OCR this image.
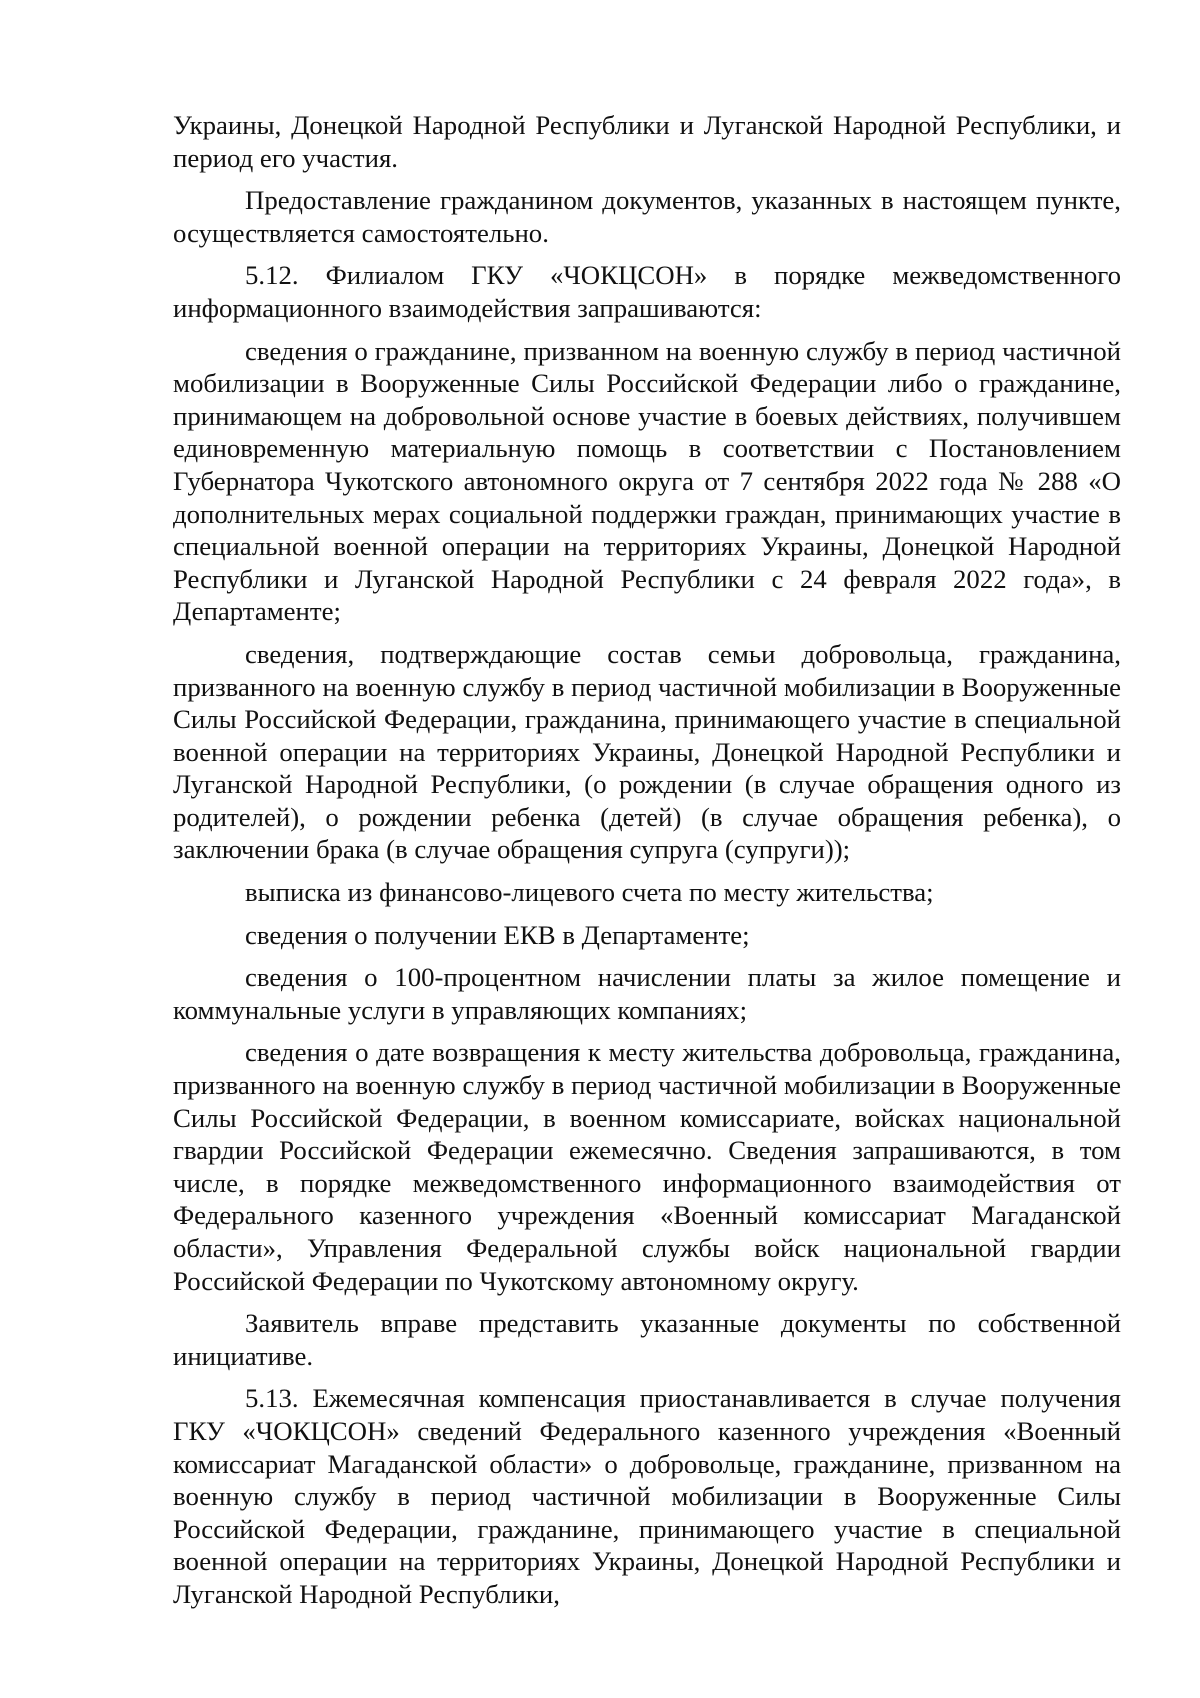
Украины, Донецкой Народной Республики и Луганской Народной Республики, и период его участия.

Предоставление гражданином документов, указанных в настоящем пункте, осуществляется самостоятельно.

5.12. Филиалом ГКУ «ЧОКЦСОН» в порядке межведомственного информационного взаимодействия запрашиваются:

сведения о гражданине, призванном на военную службу в период частичной мобилизации в Вооруженные Силы Российской Федерации либо о гражданине, принимающем на добровольной основе участие в боевых действиях, получившем единовременную материальную помощь в соответствии с Постановлением Губернатора Чукотского автономного округа от 7 сентября 2022 года № 288 «О дополнительных мерах социальной поддержки граждан, принимающих участие в специальной военной операции на территориях Украины, Донецкой Народной Республики и Луганской Народной Республики с 24 февраля 2022 года», в Департаменте;

сведения, подтверждающие состав семьи добровольца, гражданина, призванного на военную службу в период частичной мобилизации в Вооруженные Силы Российской Федерации, гражданина, принимающего участие в специальной военной операции на территориях Украины, Донецкой Народной Республики и Луганской Народной Республики, (о рождении (в случае обращения одного из родителей), о рождении ребенка (детей) (в случае обращения ребенка), о заключении брака (в случае обращения супруга (супруги));

выписка из финансово-лицевого счета по месту жительства;

сведения о получении ЕКВ в Департаменте;

сведения о 100-процентном начислении платы за жилое помещение и коммунальные услуги в управляющих компаниях;

сведения о дате возвращения к месту жительства добровольца, гражданина, призванного на военную службу в период частичной мобилизации в Вооруженные Силы Российской Федерации, в военном комиссариате, войсках национальной гвардии Российской Федерации ежемесячно. Сведения запрашиваются, в том числе, в порядке межведомственного информационного взаимодействия от Федерального казенного учреждения «Военный комиссариат Магаданской области», Управления Федеральной службы войск национальной гвардии Российской Федерации по Чукотскому автономному округу.

Заявитель вправе представить указанные документы по собственной инициативе.

5.13. Ежемесячная компенсация приостанавливается в случае получения ГКУ «ЧОКЦСОН» сведений Федерального казенного учреждения «Военный комиссариат Магаданской области» о добровольце, гражданине, призванном на военную службу в период частичной мобилизации в Вооруженные Силы Российской Федерации, гражданине, принимающего участие в специальной военной операции на территориях Украины, Донецкой Народной Республики и Луганской Народной Республики,
